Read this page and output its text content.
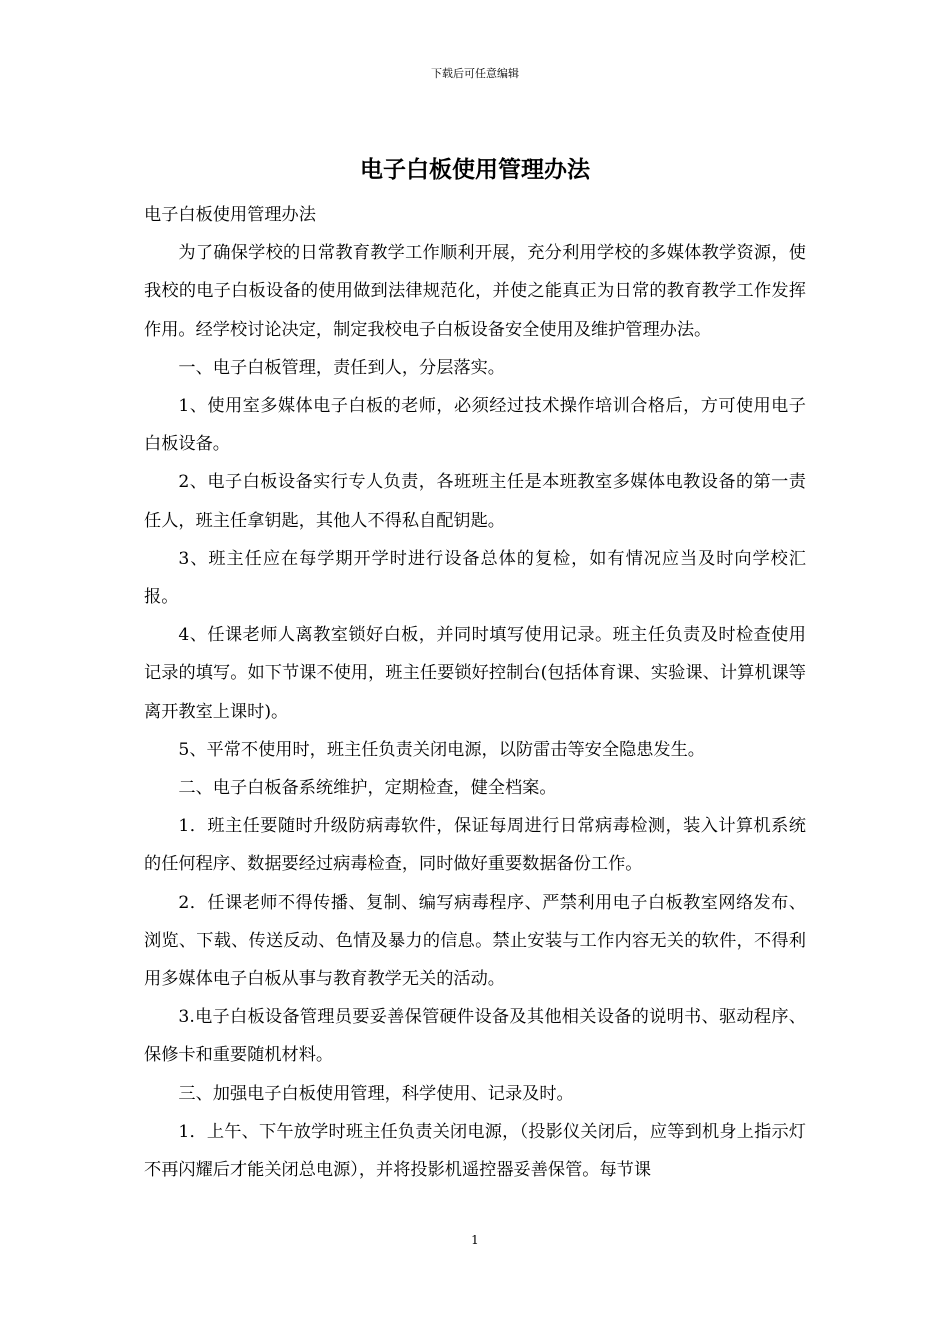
下载后可任意编辑
电子白板使用管理办法

电子白板使用管理办法

为了确保学校的日常教育教学工作顺利开展，充分利用学校的多媒体教学资源，使我校的电子白板设备的使用做到法律规范化，并使之能真正为日常的教育教学工作发挥作用。经学校讨论决定，制定我校电子白板设备安全使用及维护管理办法。

一、电子白板管理，责任到人，分层落实。

1、使用室多媒体电子白板的老师，必须经过技术操作培训合格后，方可使用电子白板设备。

2、电子白板设备实行专人负责，各班班主任是本班教室多媒体电教设备的第一责任人，班主任拿钥匙，其他人不得私自配钥匙。

3、班主任应在每学期开学时进行设备总体的复检，如有情况应当及时向学校汇报。

4、任课老师人离教室锁好白板，并同时填写使用记录。班主任负责及时检查使用记录的填写。如下节课不使用，班主任要锁好控制台(包括体育课、实验课、计算机课等离开教室上课时)。

5、平常不使用时，班主任负责关闭电源，以防雷击等安全隐患发生。

二、电子白板备系统维护，定期检查，健全档案。

1．班主任要随时升级防病毒软件，保证每周进行日常病毒检测，装入计算机系统的任何程序、数据要经过病毒检查，同时做好重要数据备份工作。

2．任课老师不得传播、复制、编写病毒程序、严禁利用电子白板教室网络发布、浏览、下载、传送反动、色情及暴力的信息。禁止安装与工作内容无关的软件，不得利用多媒体电子白板从事与教育教学无关的活动。

3.电子白板设备管理员要妥善保管硬件设备及其他相关设备的说明书、驱动程序、保修卡和重要随机材料。

三、加强电子白板使用管理，科学使用、记录及时。

1．上午、下午放学时班主任负责关闭电源，（投影仪关闭后，应等到机身上指示灯不再闪耀后才能关闭总电源），并将投影机遥控器妥善保管。每节课

1
